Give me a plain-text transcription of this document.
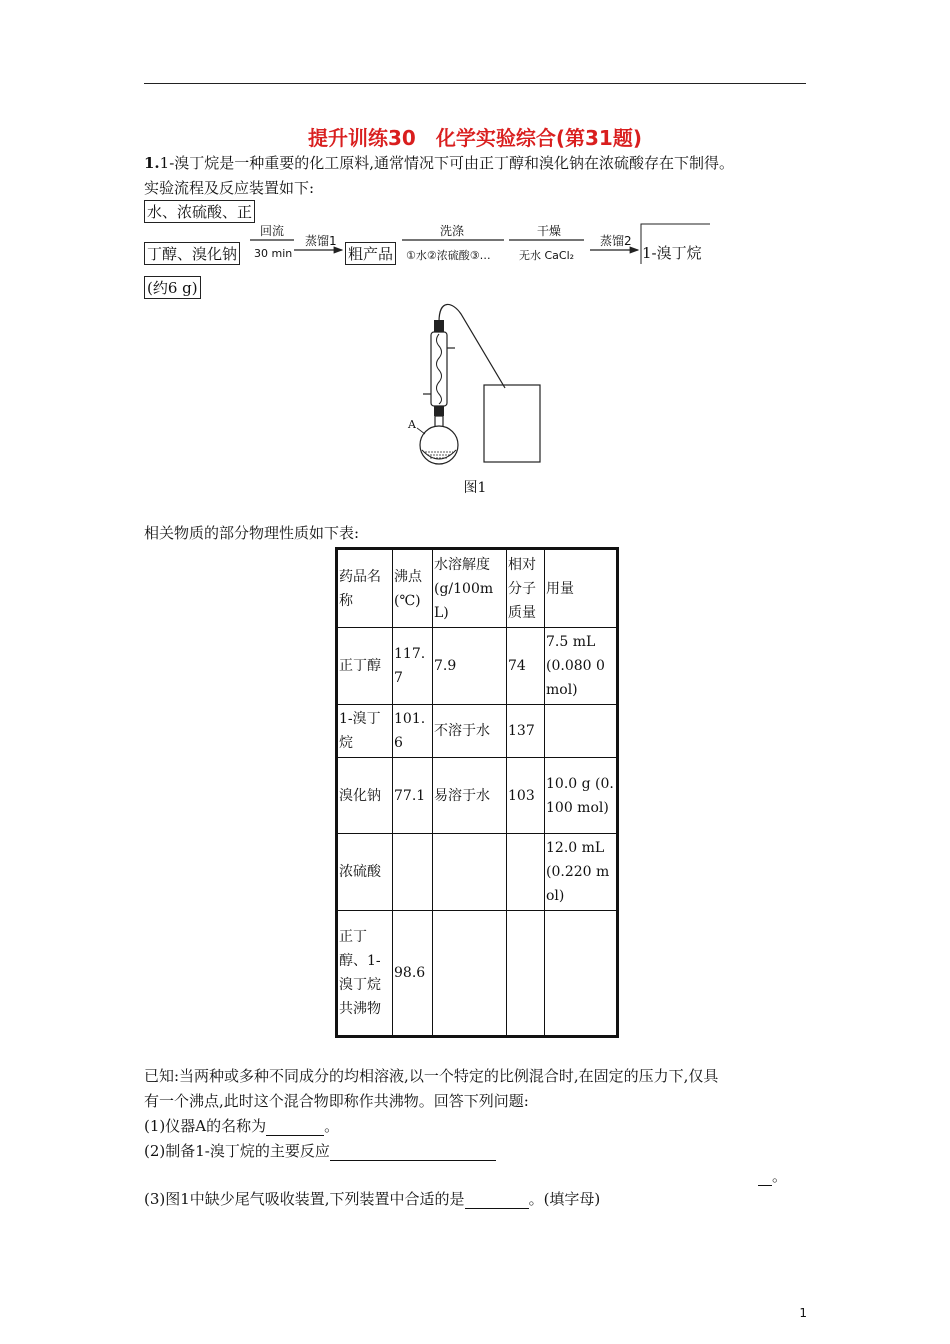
提升训练30　化学实验综合(第31题)
1.1-溴丁烷是一种重要的化工原料,通常情况下可由正丁醇和溴化钠在浓硫酸存在下制得。
实验流程及反应装置如下:
水、浓硫酸、正
丁醇、溴化钠
(约6 g)
回流
30 min
蒸馏1
粗产品
洗涤
①水②浓硫酸③…
干燥
无水 CaCl₂
蒸馏2
1-溴丁烷
A
图1
相关物质的部分物理性质如下表:
药品名称	沸点(℃)	水溶解度(g/100mL)	相对分子质量	用量
正丁醇	117.7	7.9	74	7.5 mL (0.080 0 mol)
1-溴丁烷	101.6	不溶于水	137	
溴化钠	77.1	易溶于水	103	10.0 g (0.100 mol)
浓硫酸				12.0 mL (0.220 mol)
正丁醇、1-溴丁烷共沸物	98.6			
已知:当两种或多种不同成分的均相溶液,以一个特定的比例混合时,在固定的压力下,仅具
有一个沸点,此时这个混合物即称作共沸物。回答下列问题:
(1)仪器A的名称为	。
(2)制备1-溴丁烷的主要反应
。
(3)图1中缺少尾气吸收装置,下列装置中合适的是	。(填字母)
1
